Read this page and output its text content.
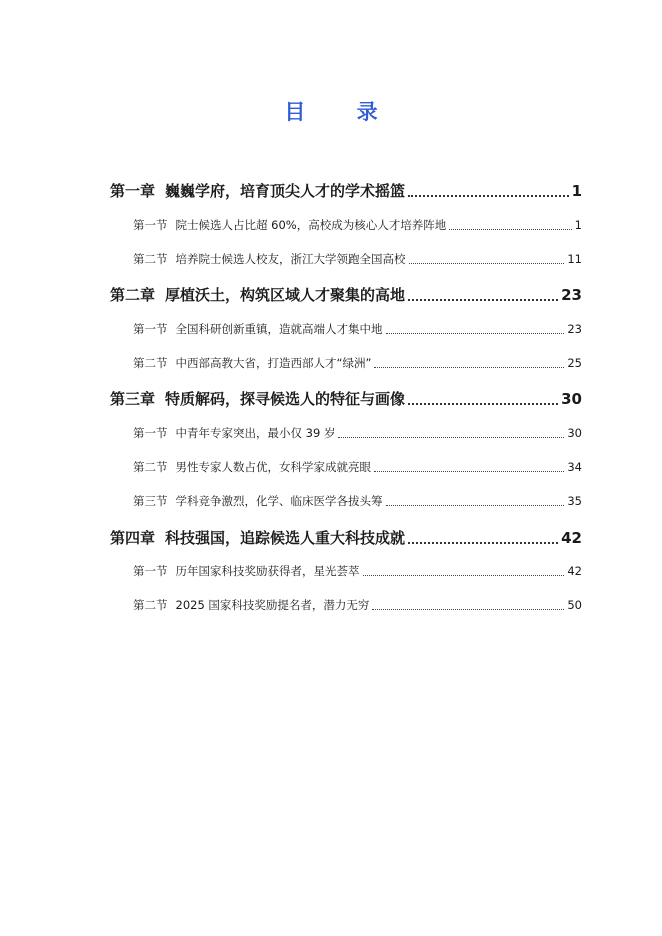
目 录
第一章 巍巍学府，培育顶尖人才的学术摇篮	1
第一节 院士候选人占比超 60%，高校成为核心人才培养阵地	1
第二节 培养院士候选人校友，浙江大学领跑全国高校	11
第二章 厚植沃土，构筑区域人才聚集的高地	23
第一节 全国科研创新重镇，造就高端人才集中地	23
第二节 中西部高教大省，打造西部人才“绿洲”	25
第三章 特质解码，探寻候选人的特征与画像	30
第一节 中青年专家突出，最小仅 39 岁	30
第二节 男性专家人数占优，女科学家成就亮眼	34
第三节 学科竞争激烈，化学、临床医学各拔头筹	35
第四章 科技强国，追踪候选人重大科技成就	42
第一节 历年国家科技奖励获得者，星光荟萃	42
第二节 2025 国家科技奖励提名者，潜力无穷	50
